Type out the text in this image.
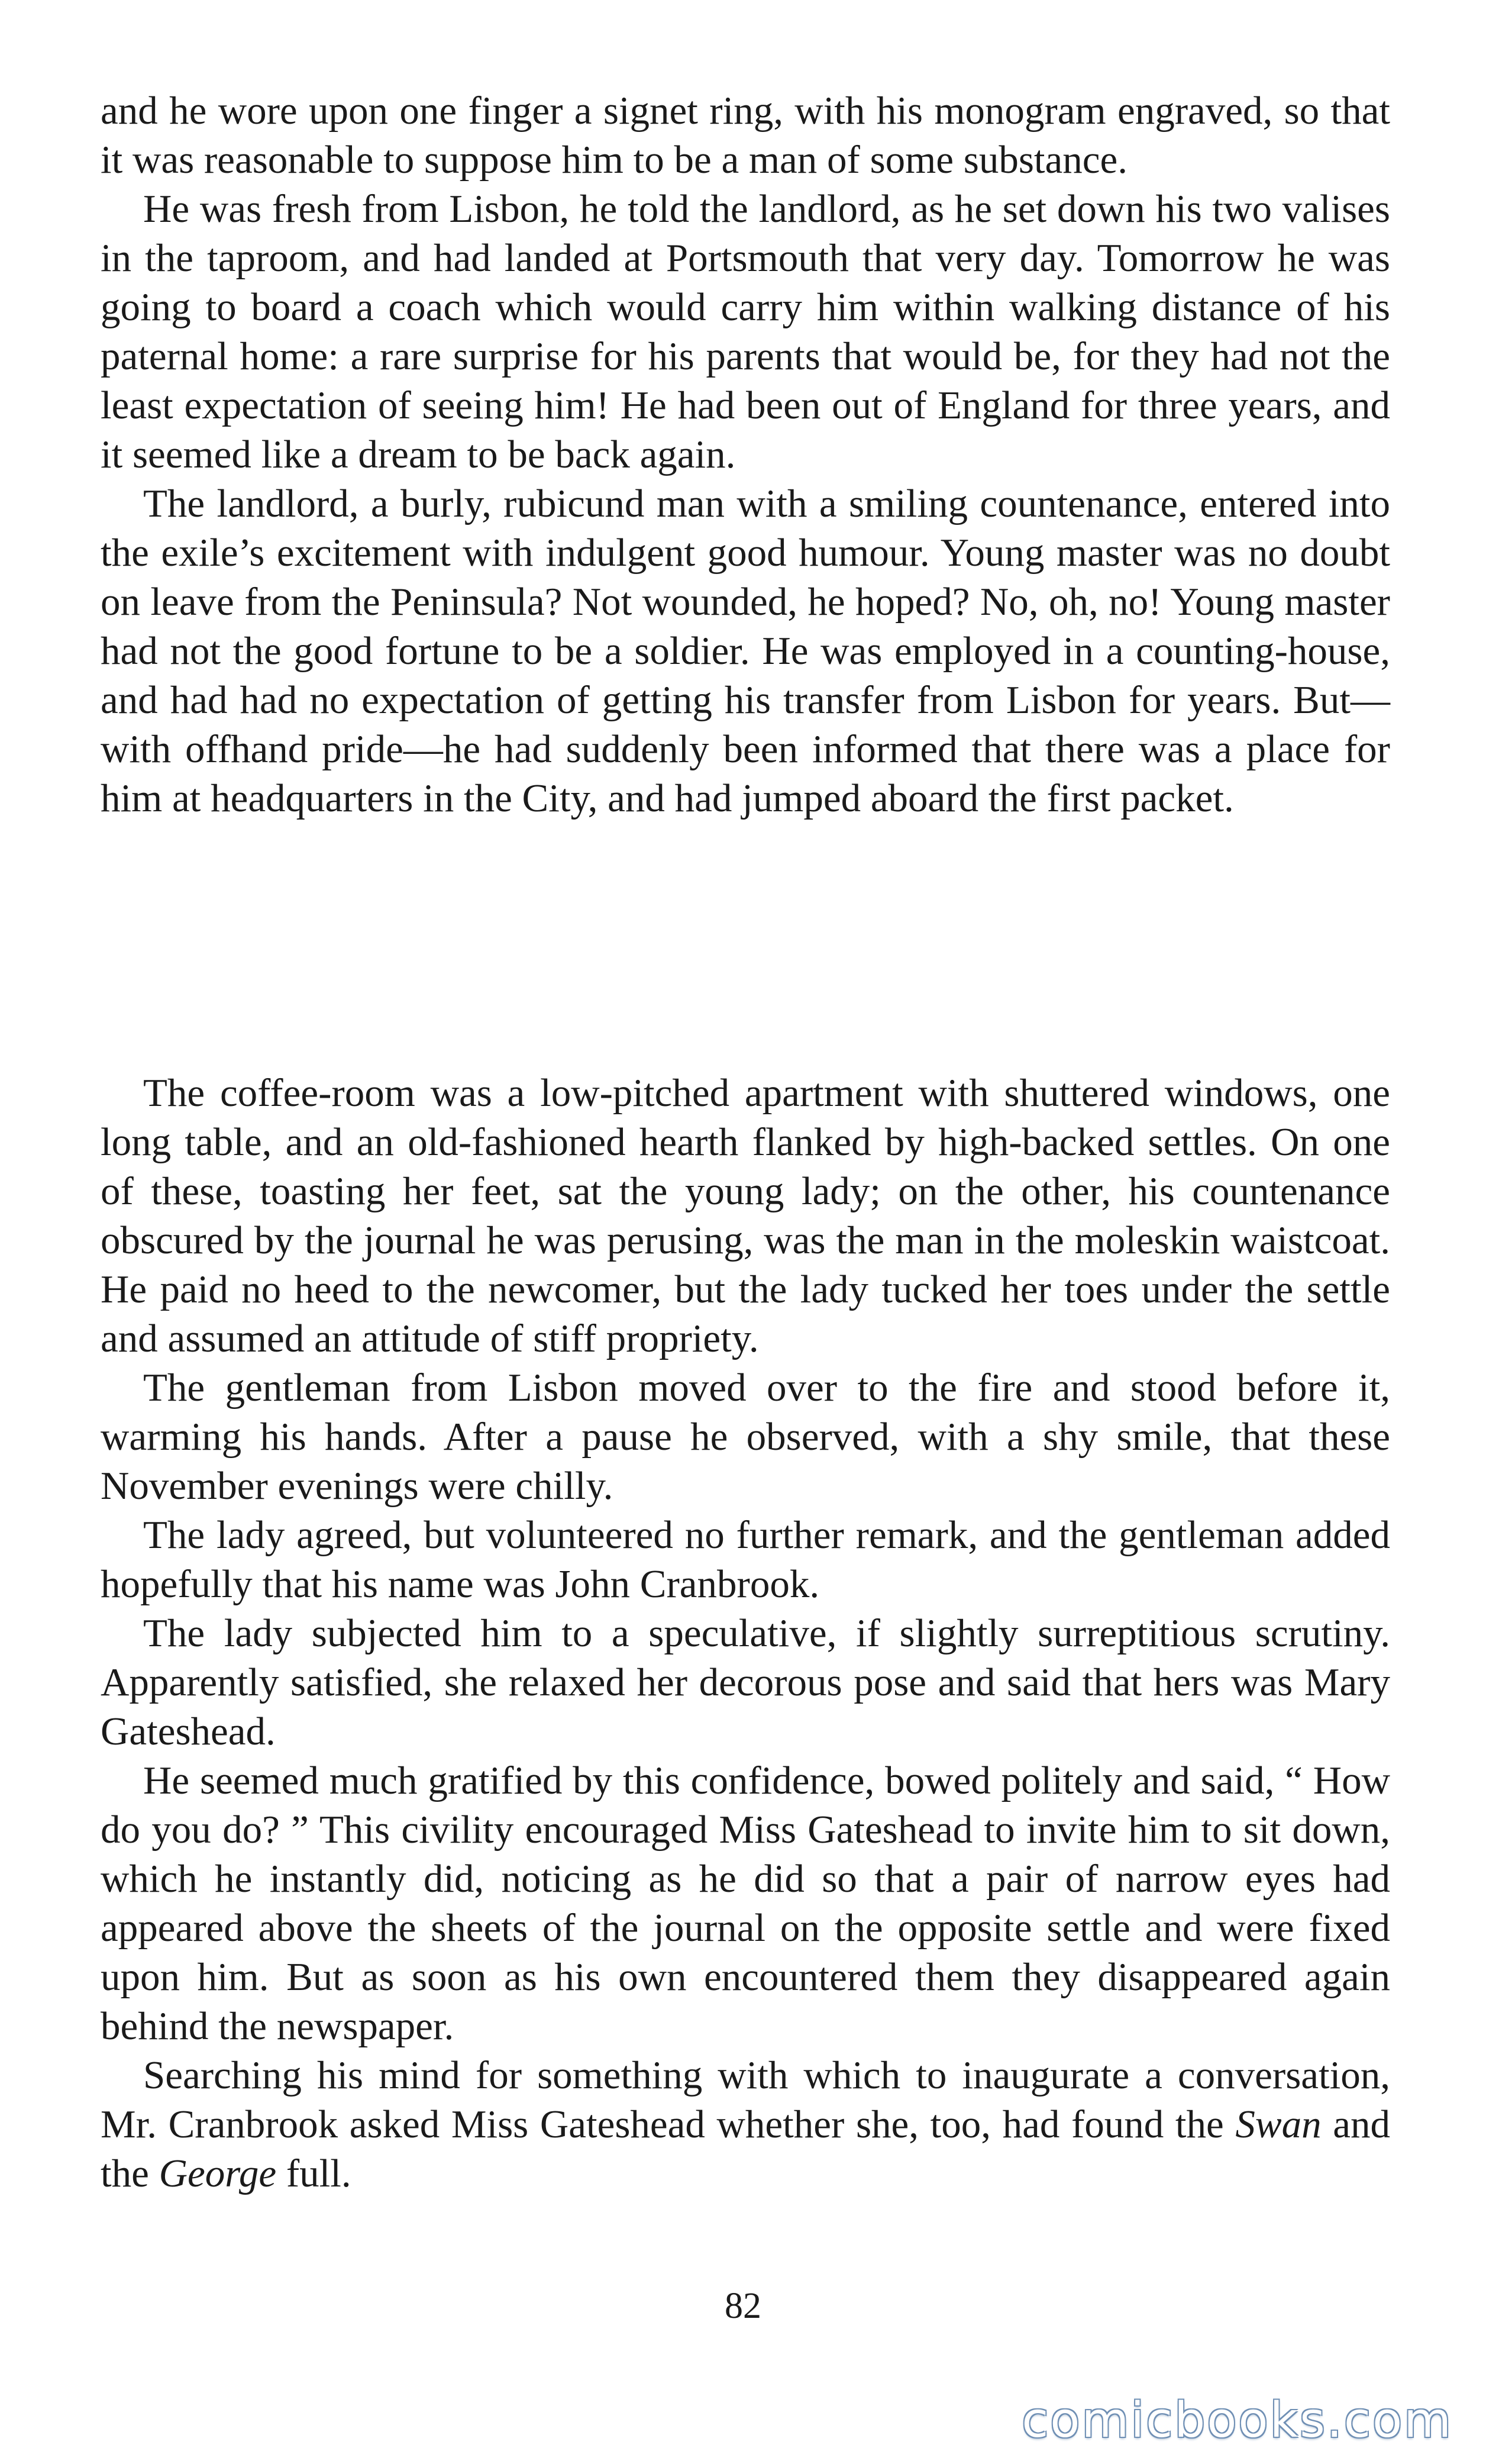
and he wore upon one finger a signet ring, with his monogram engraved, so that it was reasonable to suppose him to be a man of some substance.

He was fresh from Lisbon, he told the landlord, as he set down his two valises in the taproom, and had landed at Portsmouth that very day. Tomorrow he was going to board a coach which would carry him within walking distance of his paternal home: a rare surprise for his parents that would be, for they had not the least expectation of seeing him! He had been out of England for three years, and it seemed like a dream to be back again.

The landlord, a burly, rubicund man with a smiling countenance, entered into the exile’s excitement with indulgent good humour. Young master was no doubt on leave from the Peninsula? Not wounded, he hoped? No, oh, no! Young master had not the good fortune to be a soldier. He was employed in a counting-house, and had had no expectation of getting his transfer from Lisbon for years. But—with offhand pride—he had suddenly been informed that there was a place for him at headquarters in the City, and had jumped aboard the first packet.

The coffee-room was a low-pitched apartment with shuttered windows, one long table, and an old-fashioned hearth flanked by high-backed settles. On one of these, toasting her feet, sat the young lady; on the other, his countenance obscured by the journal he was perusing, was the man in the moleskin waistcoat. He paid no heed to the newcomer, but the lady tucked her toes under the settle and assumed an attitude of stiff propriety.

The gentleman from Lisbon moved over to the fire and stood before it, warming his hands. After a pause he observed, with a shy smile, that these November evenings were chilly.

The lady agreed, but volunteered no further remark, and the gentleman added hopefully that his name was John Cranbrook.

The lady subjected him to a speculative, if slightly surreptitious scrutiny. Apparently satisfied, she relaxed her decorous pose and said that hers was Mary Gateshead.

He seemed much gratified by this confidence, bowed politely and said, “ How do you do? ” This civility encouraged Miss Gateshead to invite him to sit down, which he instantly did, noticing as he did so that a pair of narrow eyes had appeared above the sheets of the journal on the opposite settle and were fixed upon him. But as soon as his own encountered them they disappeared again behind the newspaper.

Searching his mind for something with which to inaugurate a conversation, Mr. Cranbrook asked Miss Gateshead whether she, too, had found the Swan and the George full.

82
comicbooks.com
